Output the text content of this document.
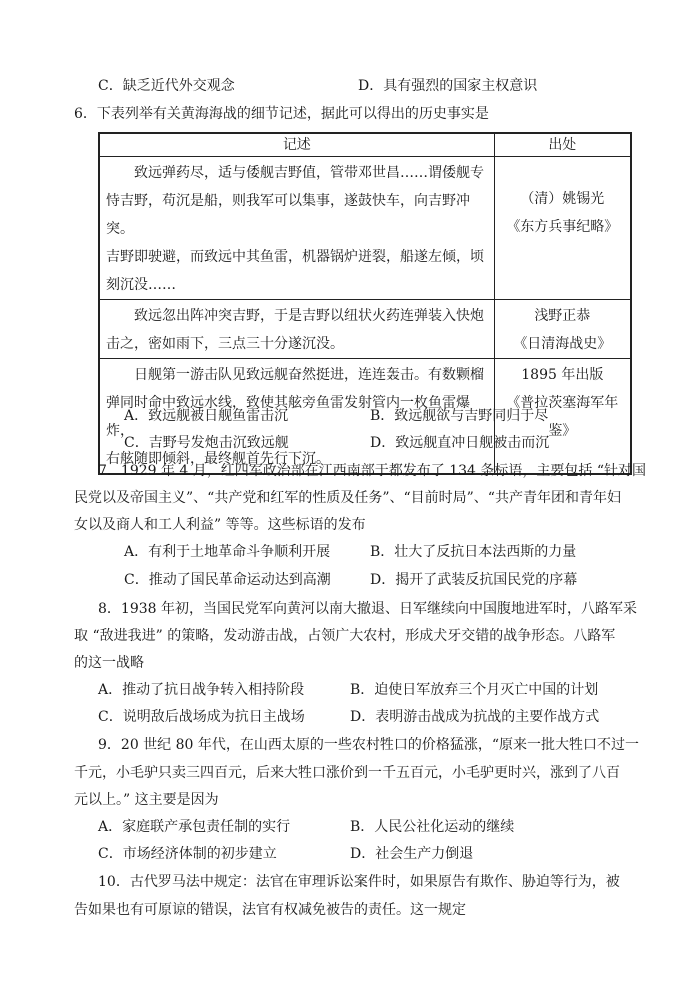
C．缺乏近代外交观念	D．具有强烈的国家主权意识
6．下表列举有关黄海海战的细节记述，据此可以得出的历史事实是
记述	出处

致远弹药尽，适与倭舰吉野值，管带邓世昌……谓倭舰专
恃吉野，苟沉是船，则我军可以集事，遂鼓快车，向吉野冲突。
吉野即驶避，而致远中其鱼雷，机器锅炉迸裂，船遂左倾，顷
刻沉没……	（清）姚锡光
《东方兵事纪略》

致远忽出阵冲突吉野，于是吉野以纽状火药连弹装入快炮
击之，密如雨下，三点三十分遂沉没。	浅野正恭
《日清海战史》

日舰第一游击队见致远舰奋然挺进，连连轰击。有数颗榴
弹同时命中致远水线，致使其舷旁鱼雷发射管内一枚鱼雷爆炸，
右舷随即倾斜，最终舰首先行下沉。	1895 年出版
《普拉茨塞海军年
鉴》
A．致远舰被日舰鱼雷击沉	B．致远舰欲与吉野同归于尽
C．吉野号发炮击沉致远舰	D．致远舰直冲日舰被击而沉
7．1929 年 4 月，红四军政治部在江西南部于都发布了 134 条标语，主要包括 “针对国
民党以及帝国主义”、“共产党和红军的性质及任务”、“目前时局”、“共产青年团和青年妇
女以及商人和工人利益” 等等。这些标语的发布
A．有利于土地革命斗争顺利开展	B．壮大了反抗日本法西斯的力量
C．推动了国民革命运动达到高潮	D．揭开了武装反抗国民党的序幕
8．1938 年初，当国民党军向黄河以南大撤退、日军继续向中国腹地进军时，八路军采
取 “敌进我进” 的策略，发动游击战，占领广大农村，形成犬牙交错的战争形态。八路军
的这一战略
A．推动了抗日战争转入相持阶段	B．迫使日军放弃三个月灭亡中国的计划
C．说明敌后战场成为抗日主战场	D．表明游击战成为抗战的主要作战方式
9．20 世纪 80 年代，在山西太原的一些农村牲口的价格猛涨，“原来一批大牲口不过一
千元，小毛驴只卖三四百元，后来大牲口涨价到一千五百元，小毛驴更时兴，涨到了八百
元以上。” 这主要是因为
A．家庭联产承包责任制的实行	B．人民公社化运动的继续
C．市场经济体制的初步建立	D．社会生产力倒退
10．古代罗马法中规定：法官在审理诉讼案件时，如果原告有欺作、胁迫等行为，被
告如果也有可原谅的错误，法官有权减免被告的责任。这一规定
